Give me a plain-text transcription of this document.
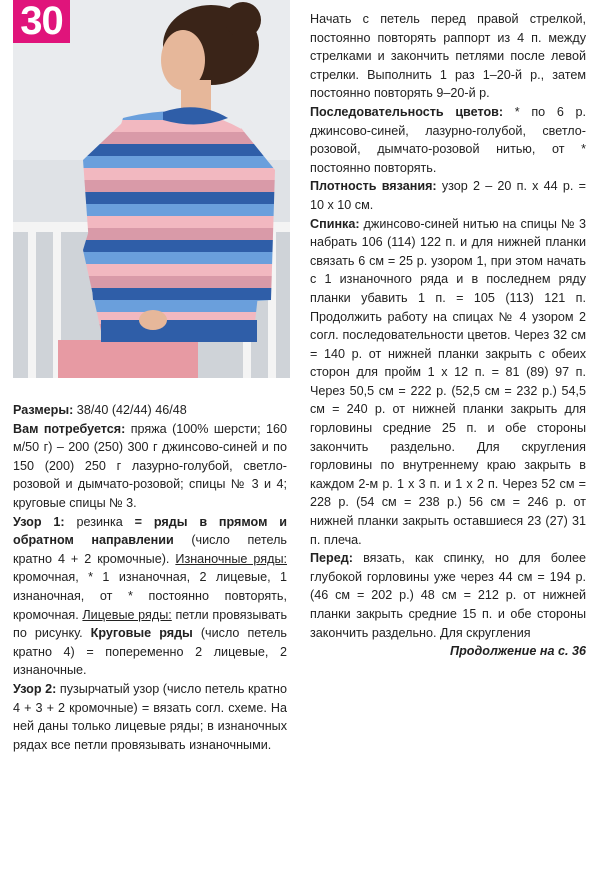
30

Размеры: 38/40 (42/44) 46/48

Вам потребуется: пряжа (100% шерсти; 160 м/50 г) – 200 (250) 300 г джинсово-синей и по 150 (200) 250 г лазурно-голубой, светло-розовой и дымчато-розовой; спицы № 3 и 4; круговые спицы № 3.

Узор 1: резинка = ряды в прямом и обратном направлении (число петель кратно 4 + 2 кромочные). Изнаночные ряды: кромочная, * 1 изнаночная, 2 лицевые, 1 изнаночная, от * постоянно повторять, кромочная. Лицевые ряды: петли провязывать по рисунку. Круговые ряды (число петель кратно 4) = попеременно 2 лицевые, 2 изнаночные.

Узор 2: пузырчатый узор (число петель кратно 4 + 3 + 2 кромочные) = вязать согл. схеме. На ней даны только лицевые ряды; в изнаночных рядах все петли провязывать изнаночными.

Начать с петель перед правой стрелкой, постоянно повторять раппорт из 4 п. между стрелками и закончить петлями после левой стрелки. Выполнить 1 раз 1–20-й р., затем постоянно повторять 9–20-й р.

Последовательность цветов: * по 6 р. джинсово-синей, лазурно-голубой, светло-розовой, дымчато-розовой нитью, от * постоянно повторять.

Плотность вязания: узор 2 – 20 п. х 44 р. = 10 х 10 см.

Спинка: джинсово-синей нитью на спицы № 3 набрать 106 (114) 122 п. и для нижней планки связать 6 см = 25 р. узором 1, при этом начать с 1 изнаночного ряда и в последнем ряду планки убавить 1 п. = 105 (113) 121 п. Продолжить работу на спицах № 4 узором 2 согл. последовательности цветов. Через 32 см = 140 р. от нижней планки закрыть с обеих сторон для пройм 1 х 12 п. = 81 (89) 97 п. Через 50,5 см = 222 р. (52,5 см = 232 р.) 54,5 см = 240 р. от нижней планки закрыть для горловины средние 25 п. и обе стороны закончить раздельно. Для скругления горловины по внутреннему краю закрыть в каждом 2-м р. 1 х 3 п. и 1 х 2 п. Через 52 см = 228 р. (54 см = 238 р.) 56 см = 246 р. от нижней планки закрыть оставшиеся 23 (27) 31 п. плеча.

Перед: вязать, как спинку, но для более глубокой горловины уже через 44 см = 194 р. (46 см = 202 р.) 48 см = 212 р. от нижней планки закрыть средние 15 п. и обе стороны закончить раздельно. Для скругления

Продолжение на с. 36
